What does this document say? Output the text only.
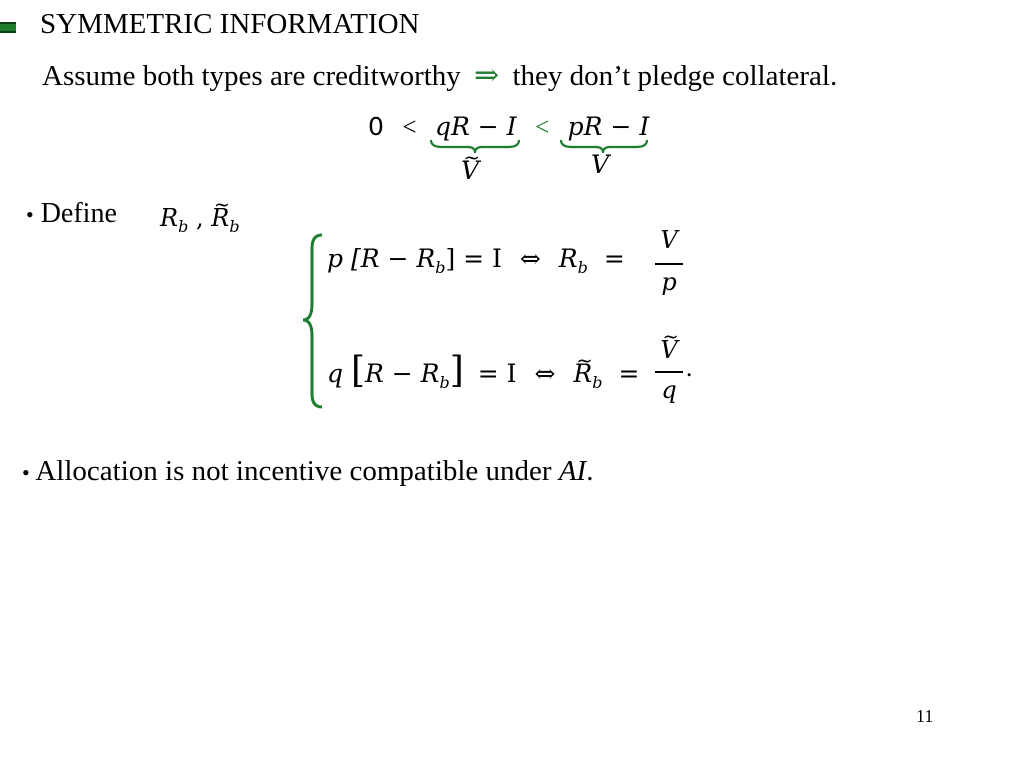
SYMMETRIC INFORMATION
Assume both types are creditworthy ⇒ they don’t pledge collateral.
0 < qR − I < pR − I
~ V	V
• Define $R_b$ , ~ $R_b$
p $[R - R_b] = I$ ⇔ $R_b$ =
V
p
q $[R - R_b] = I$ ⇔ ~ $R_b$ =
~ V
q
.
• Allocation is not incentive compatible under AI.
11
